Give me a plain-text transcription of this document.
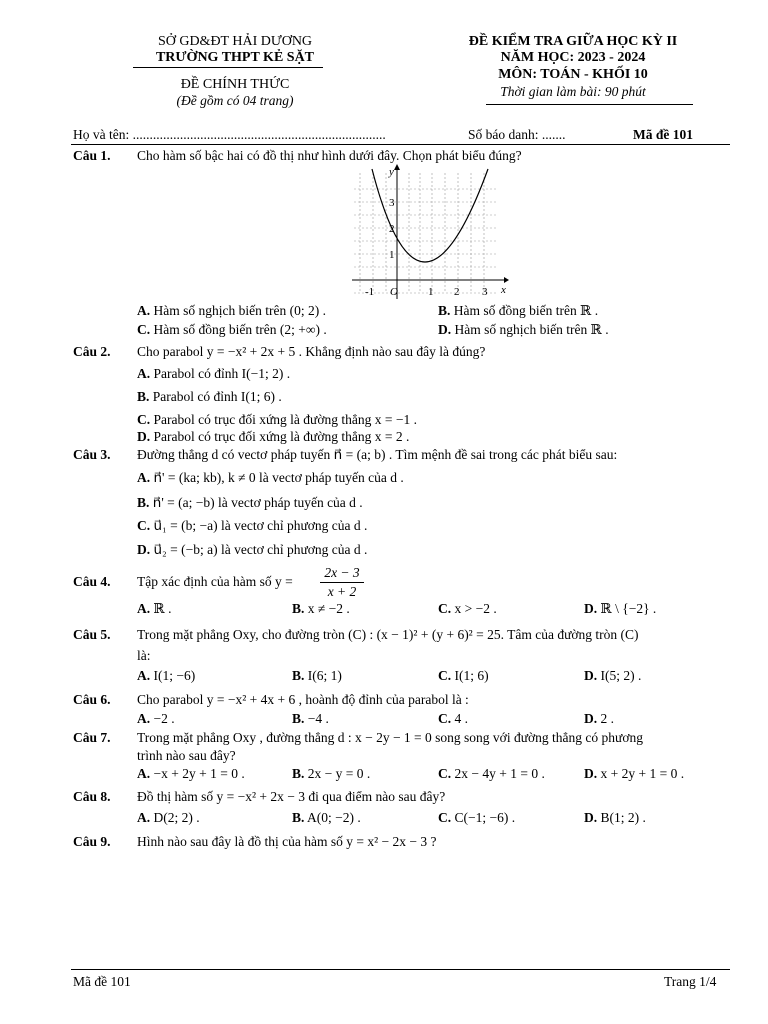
SỞ GD&ĐT HẢI DƯƠNG
TRƯỜNG THPT KẺ SẶT
ĐỀ CHÍNH THỨC
(Đề gồm có 04 trang)
ĐỀ KIỂM TRA GIỮA HỌC KỲ II
NĂM HỌC: 2023 - 2024
MÔN: TOÁN - KHỐI 10
Thời gian làm bài: 90 phút
Họ và tên: ...........................................................................	Số báo danh: .......	Mã đề 101
Câu 1. Cho hàm số bậc hai có đồ thị như hình dưới đây. Chọn phát biểu đúng?
y
x
O
3
2
1
-1	1 2 3
A. Hàm số nghịch biến trên (0; 2) .	B. Hàm số đồng biến trên ℝ .
C. Hàm số đồng biến trên (2; +∞) .	D. Hàm số nghịch biến trên ℝ .
Câu 2. Cho parabol y = −x² + 2x + 5 . Khẳng định nào sau đây là đúng?
A. Parabol có đỉnh I(−1; 2) .
B. Parabol có đỉnh I(1; 6) .
C. Parabol có trục đối xứng là đường thẳng x = −1 .
D. Parabol có trục đối xứng là đường thẳng x = 2 .
Câu 3. Đường thẳng d có vectơ pháp tuyến n⃗ = (a; b) . Tìm mệnh đề sai trong các phát biểu sau:
A. n⃗' = (ka; kb), k ≠ 0 là vectơ pháp tuyến của d .
B. n⃗' = (a; −b) là vectơ pháp tuyến của d .
C. u⃗₁ = (b; −a) là vectơ chỉ phương của d .
D. u⃗₂ = (−b; a) là vectơ chỉ phương của d .
Câu 4. Tập xác định của hàm số y =
2x − 3
x + 2
A. ℝ .	B. x ≠ −2 .	C. x > −2 .	D. ℝ \ {−2} .
Câu 5. Trong mặt phẳng Oxy, cho đường tròn (C) : (x − 1)² + (y + 6)² = 25. Tâm của đường tròn (C)
là:
A. I(1; −6)	B. I(6; 1)	C. I(1; 6)	D. I(5; 2) .
Câu 6. Cho parabol y = −x² + 4x + 6 , hoành độ đỉnh của parabol là :
A. −2 .	B. −4 .	C. 4 .	D. 2 .
Câu 7. Trong mặt phẳng Oxy , đường thẳng d : x − 2y − 1 = 0 song song với đường thẳng có phương
trình nào sau đây?
A. −x + 2y + 1 = 0 .	B. 2x − y = 0 .	C. 2x − 4y + 1 = 0 .	D. x + 2y + 1 = 0 .
Câu 8. Đồ thị hàm số y = −x² + 2x − 3 đi qua điểm nào sau đây?
A. D(2; 2) .	B. A(0; −2) .	C. C(−1; −6) .	D. B(1; 2) .
Câu 9. Hình nào sau đây là đồ thị của hàm số y = x² − 2x − 3 ?
Mã đề 101	Trang 1/4
